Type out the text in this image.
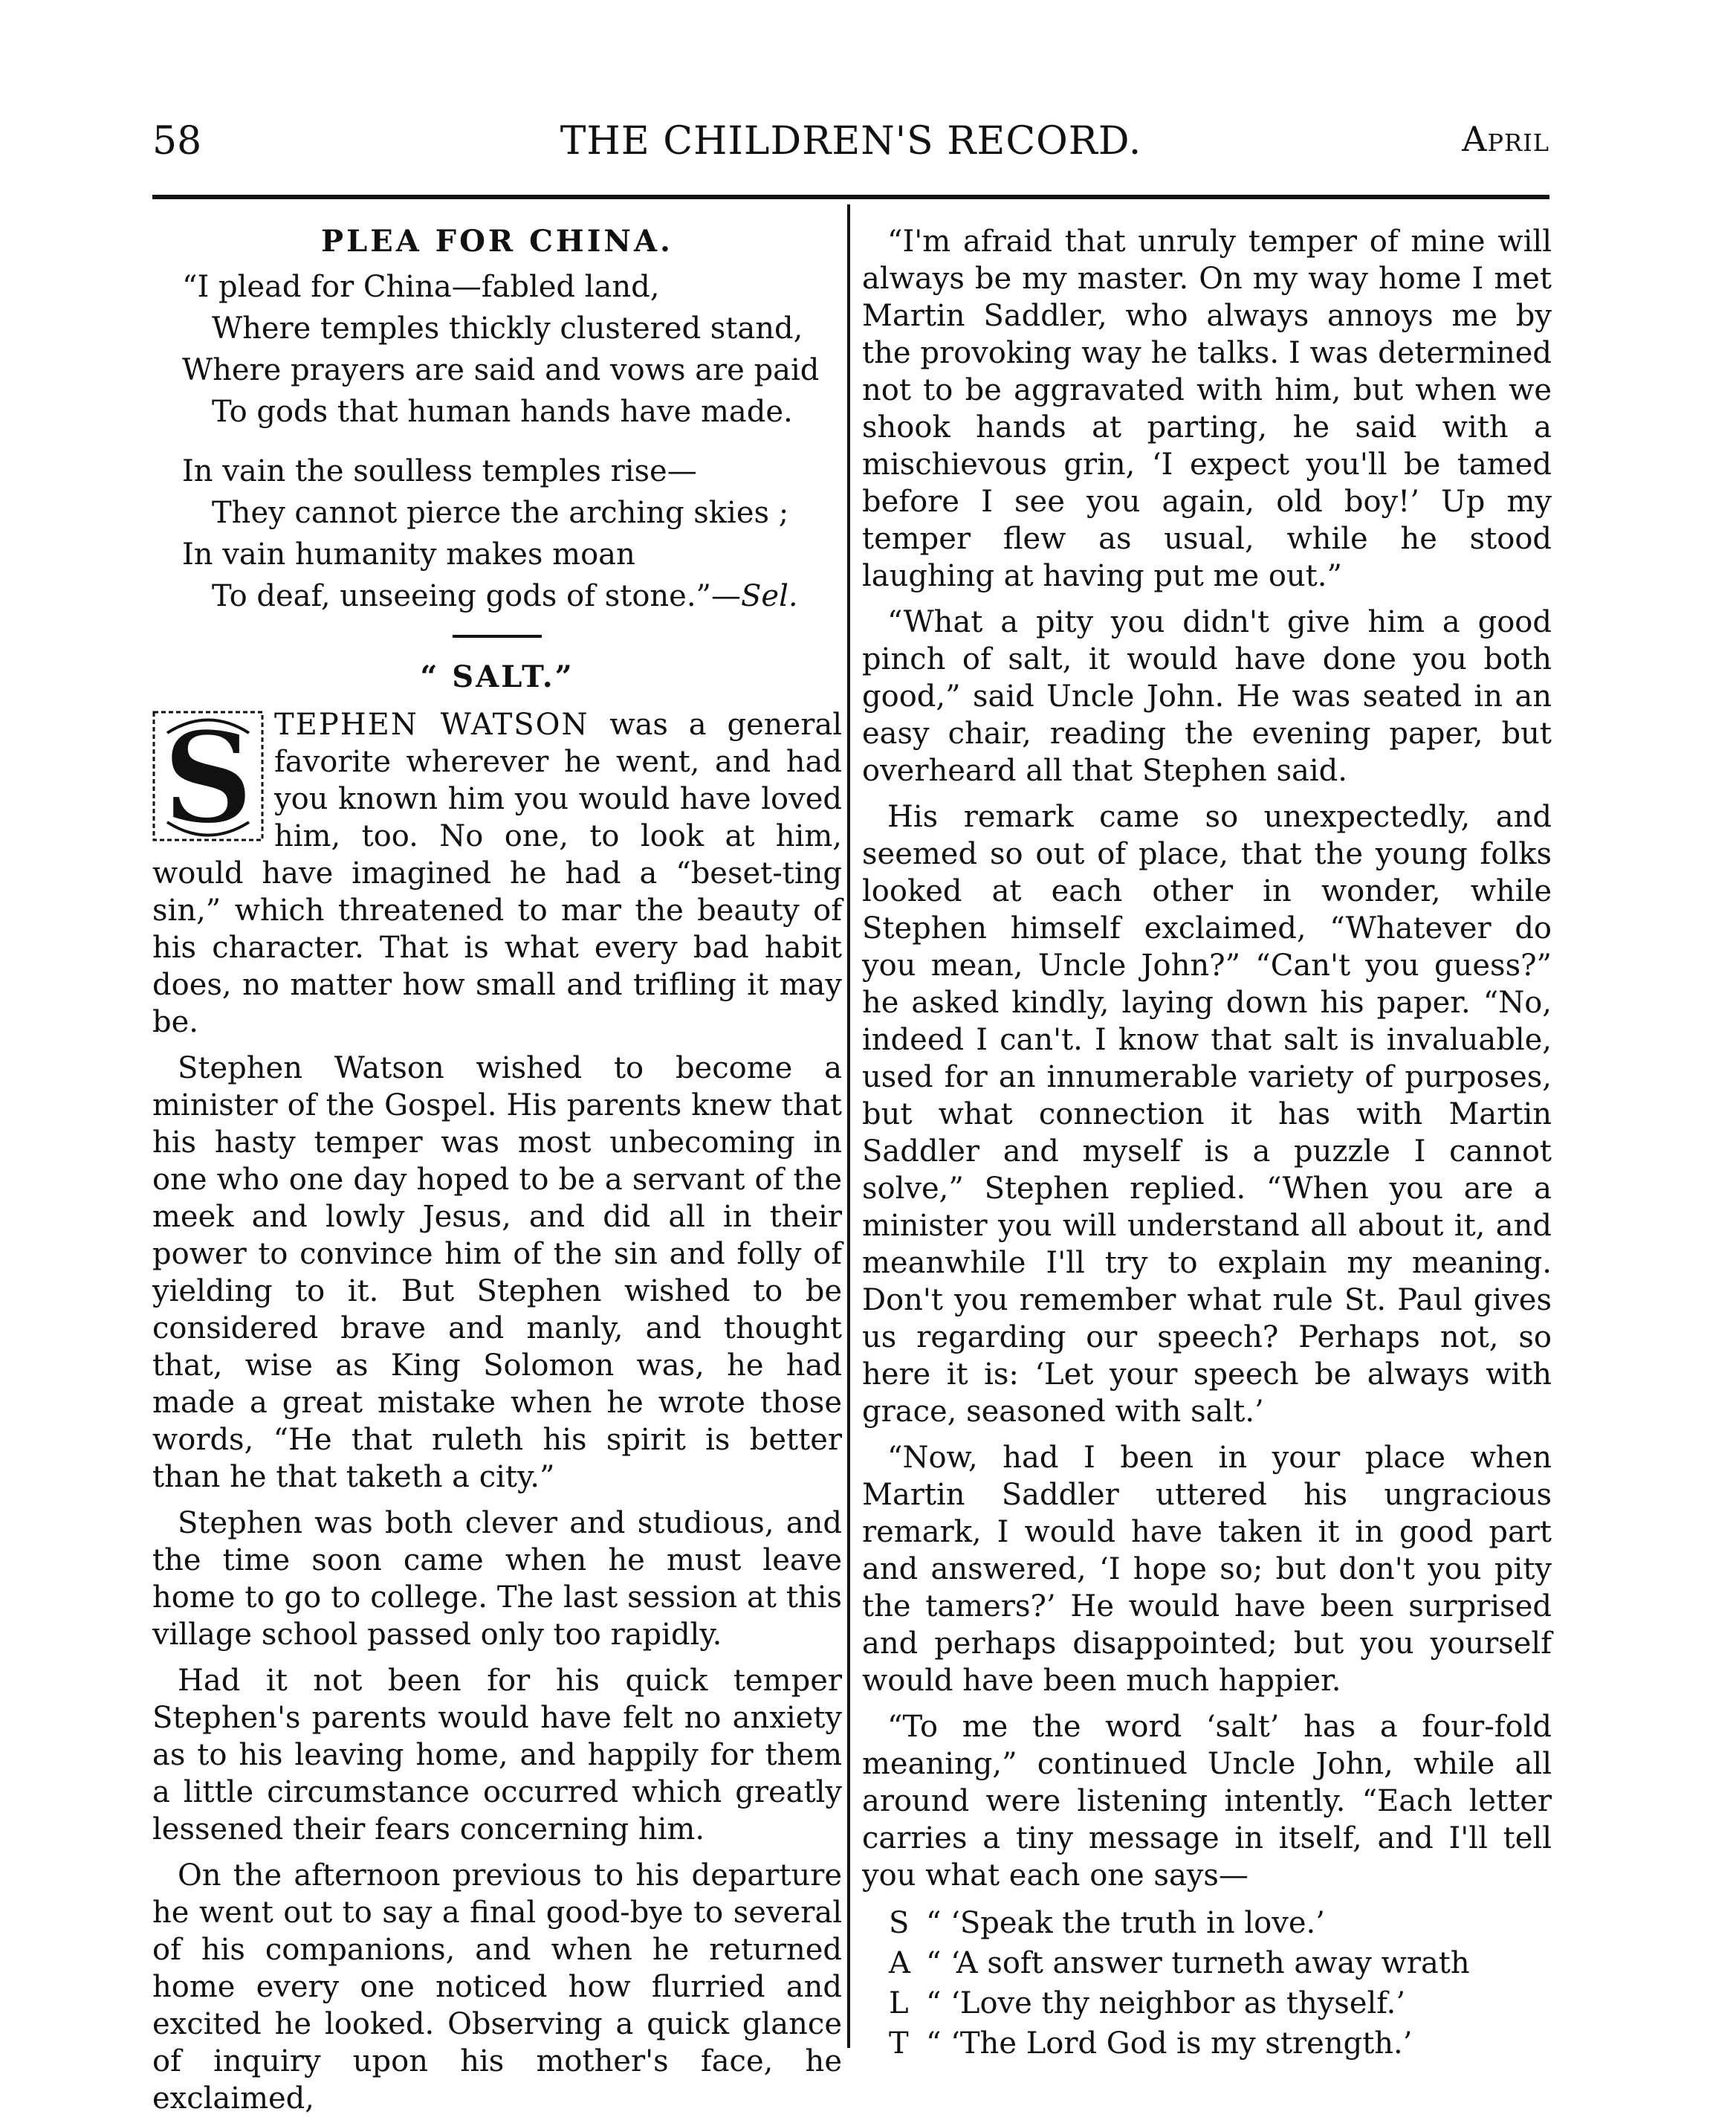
58	THE CHILDREN'S RECORD.	April
PLEA FOR CHINA.
“I plead for China—fabled land,
Where temples thickly clustered stand,
Where prayers are said and vows are paid
To gods that human hands have made.
In vain the soulless temples rise—
They cannot pierce the arching skies ;
In vain humanity makes moan
To deaf, unseeing gods of stone.”—Sel.
“ SALT.”

S TEPHEN WATSON was a general favorite wherever he went, and had you known him you would have loved him, too. No one, to look at him, would have imagined he had a “beset-ting sin,” which threatened to mar the beauty of his character. That is what every bad habit does, no matter how small and trifling it may be.

Stephen Watson wished to become a minister of the Gospel. His parents knew that his hasty temper was most unbecoming in one who one day hoped to be a servant of the meek and lowly Jesus, and did all in their power to convince him of the sin and folly of yielding to it. But Stephen wished to be considered brave and manly, and thought that, wise as King Solomon was, he had made a great mistake when he wrote those words, “He that ruleth his spirit is better than he that taketh a city.”

Stephen was both clever and studious, and the time soon came when he must leave home to go to college. The last session at this village school passed only too rapidly.

Had it not been for his quick temper Stephen's parents would have felt no anxiety as to his leaving home, and happily for them a little circumstance occurred which greatly lessened their fears concerning him.

On the afternoon previous to his departure he went out to say a final good-bye to several of his companions, and when he returned home every one noticed how flurried and excited he looked. Observing a quick glance of inquiry upon his mother's face, he exclaimed,

“I'm afraid that unruly temper of mine will always be my master. On my way home I met Martin Saddler, who always annoys me by the provoking way he talks. I was determined not to be aggravated with him, but when we shook hands at parting, he said with a mischievous grin, ‘I expect you'll be tamed before I see you again, old boy!’ Up my temper flew as usual, while he stood laughing at having put me out.”

“What a pity you didn't give him a good pinch of salt, it would have done you both good,” said Uncle John. He was seated in an easy chair, reading the evening paper, but overheard all that Stephen said.

His remark came so unexpectedly, and seemed so out of place, that the young folks looked at each other in wonder, while Stephen himself exclaimed, “Whatever do you mean, Uncle John?” “Can't you guess?” he asked kindly, laying down his paper. “No, indeed I can't. I know that salt is invaluable, used for an innumerable variety of purposes, but what connection it has with Martin Saddler and myself is a puzzle I cannot solve,” Stephen replied. “When you are a minister you will understand all about it, and meanwhile I'll try to explain my meaning. Don't you remember what rule St. Paul gives us regarding our speech? Perhaps not, so here it is: ‘Let your speech be always with grace, seasoned with salt.’

“Now, had I been in your place when Martin Saddler uttered his ungracious remark, I would have taken it in good part and answered, ‘I hope so; but don't you pity the tamers?’ He would have been surprised and perhaps disappointed; but you yourself would have been much happier.

“To me the word ‘salt’ has a four-fold meaning,” continued Uncle John, while all around were listening intently. “Each letter carries a tiny message in itself, and I'll tell you what each one says—

S “ ‘Speak the truth in love.’
A “ ‘A soft answer turneth away wrath
L “ ‘Love thy neighbor as thyself.’
T “ ‘The Lord God is my strength.’
